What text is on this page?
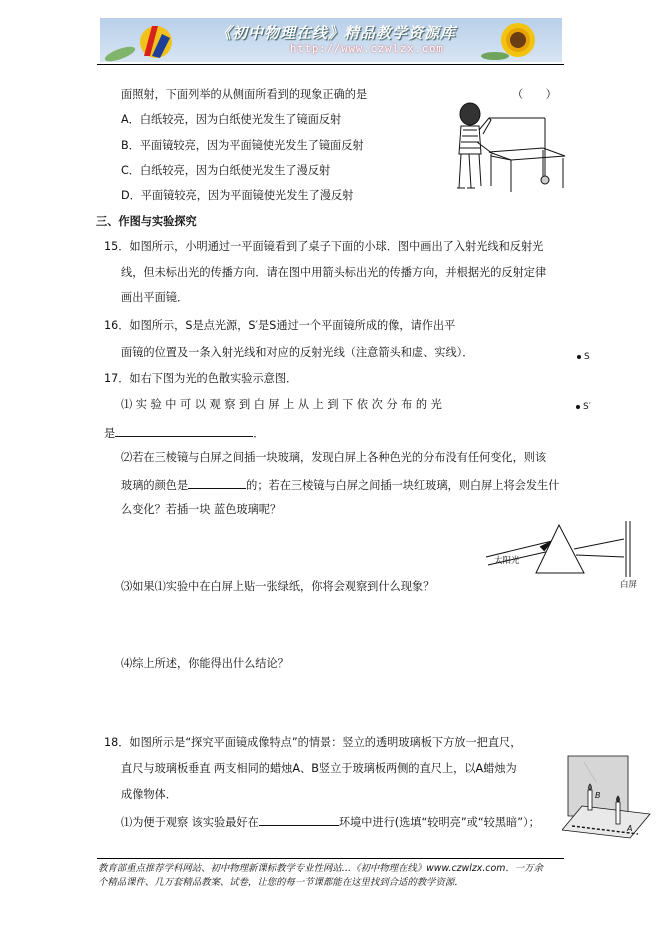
《初中物理在线》精品教学资源库
http://www.czwlzx.com
面照射，下面列举的从侧面所看到的现象正确的是	（　　）
A．白纸较亮，因为白纸使光发生了镜面反射
B．平面镜较亮，因为平面镜使光发生了镜面反射
C．白纸较亮，因为白纸使光发生了漫反射
D．平面镜较亮，因为平面镜使光发生了漫反射
三、作图与实验探究
15．如图所示，小明通过一平面镜看到了桌子下面的小球．图中画出了入射光线和反射光
线，但未标出光的传播方向．请在图中用箭头标出光的传播方向，并根据光的反射定律
画出平面镜．
16．如图所示，S是点光源，S′是S通过一个平面镜所成的像，请作出平
面镜的位置及一条入射光线和对应的反射光线（注意箭头和虚、实线）．	S
S′
17．如右下图为光的色散实验示意图．
⑴ 实 验 中 可 以 观 察 到 白 屏 上 从 上 到 下 依 次 分 布 的 光
是	．
⑵若在三棱镜与白屏之间插一块玻璃，发现白屏上各种色光的分布没有任何变化，则该
玻璃的颜色是	的；若在三棱镜与白屏之间插一块红玻璃，则白屏上将会发生什
么变化？若插一块 蓝色玻璃呢？
太阳光
白屏
⑶如果⑴实验中在白屏上贴一张绿纸，你将会观察到什么现象？
⑷综上所述，你能得出什么结论？
18．如图所示是“探究平面镜成像特点”的情景：竖立的透明玻璃板下方放一把直尺，
直尺与玻璃板垂直 两支相同的蜡烛A、B竖立于玻璃板两侧的直尺上，以A蜡烛为
成像物体．
⑴为便于观察 该实验最好在	环境中进行(选填“较明亮”或“较黑暗”）；
B
A
教育部重点推荐学科网站、初中物理新课标教学专业性网站…《初中物理在线》www.czwlzx.com．一万余
个精品课件、几万套精品教案、试卷，让您的每一节课都能在这里找到合适的教学资源．
